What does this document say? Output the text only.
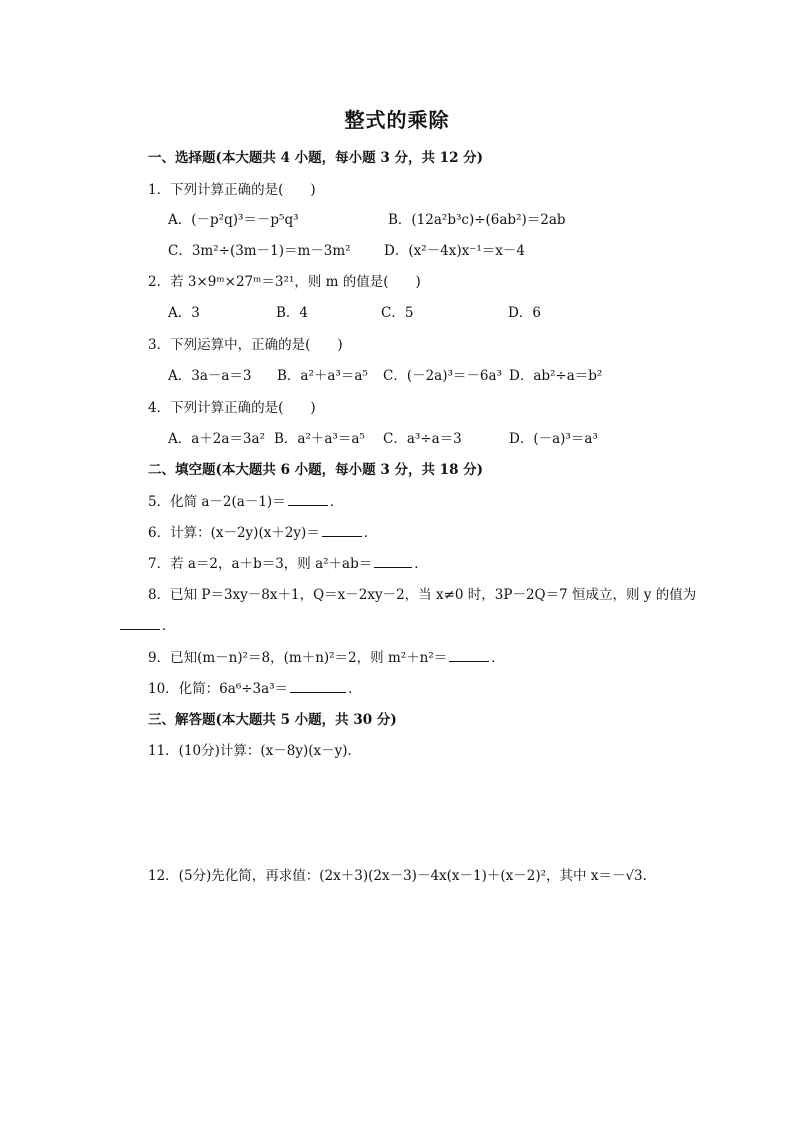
整式的乘除
一、选择题(本大题共 4 小题，每小题 3 分，共 12 分)
1．下列计算正确的是(　　)
A．(－p²q)³＝－p⁵q³	B．(12a²b³c)÷(6ab²)＝2ab
C．3m²÷(3m－1)＝m－3m² D．(x²－4x)x⁻¹＝x－4
2．若 3×9ᵐ×27ᵐ＝3²¹，则 m 的值是(　　)
A．3	B．4	C．5	D．6
3．下列运算中，正确的是(　　)
A．3a－a＝3 B．a²＋a³＝a⁵ C．(－2a)³＝－6a³ D．ab²÷a＝b²
4．下列计算正确的是(　　)
A．a＋2a＝3a² B．a²＋a³＝a⁵ C．a³÷a＝3	D．(－a)³＝a³
二、填空题(本大题共 6 小题，每小题 3 分，共 18 分)
5．化简 a－2(a－1)＝	．
6．计算：(x－2y)(x＋2y)＝	．
7．若 a＝2，a＋b＝3，则 a²＋ab＝	．
8．已知 P＝3xy－8x＋1，Q＝x－2xy－2，当 x≠0 时，3P－2Q＝7 恒成立，则 y 的值为
．
9．已知(m－n)²＝8，(m＋n)²＝2，则 m²＋n²＝	．
10．化简：6a⁶÷3a³＝	．
三、解答题(本大题共 5 小题，共 30 分)
11．(10分)计算：(x－8y)(x－y)．
12．(5分)先化简，再求值：(2x＋3)(2x－3)－4x(x－1)＋(x－2)²，其中 x＝－√3.
